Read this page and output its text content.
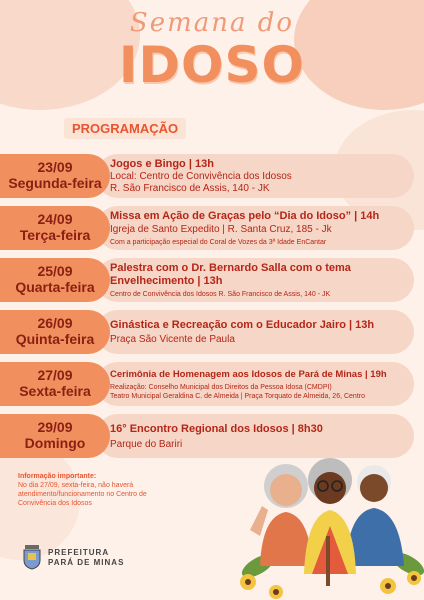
Semana do
IDOSO
PROGRAMAÇÃO
23/09
Segunda-feira
Jogos e Bingo | 13h
Local: Centro de Convivência dos Idosos
R. São Francisco de Assis, 140 - JK
24/09
Terça-feira
Missa em Ação de Graças pelo “Dia do Idoso” | 14h
Igreja de Santo Expedito | R. Santa Cruz, 185 - Jk
Com a participação especial do Coral de Vozes da 3ª Idade EnCantar
25/09
Quarta-feira
Palestra com o Dr. Bernardo Salla com o tema Envelhecimento | 13h
Centro de Convivência dos Idosos R. São Francisco de Assis, 140 - JK
26/09
Quinta-feira
Ginástica e Recreação com o Educador Jairo | 13h
Praça São Vicente de Paula
27/09
Sexta-feira
Cerimônia de Homenagem aos Idosos de Pará de Minas | 19h
Realização: Conselho Municipal dos Direitos da Pessoa Idosa (CMDPI)
Teatro Municipal Geraldina C. de Almeida | Praça Torquato de Almeida, 26, Centro
29/09
Domingo
16° Encontro Regional dos Idosos | 8h30
Parque do Bariri
Informação importante:
No dia 27/09, sexta-feira, não haverá atendimento/funcionamento no Centro de Convivência dos Idosos
PREFEITURA
PARÁ DE MINAS
